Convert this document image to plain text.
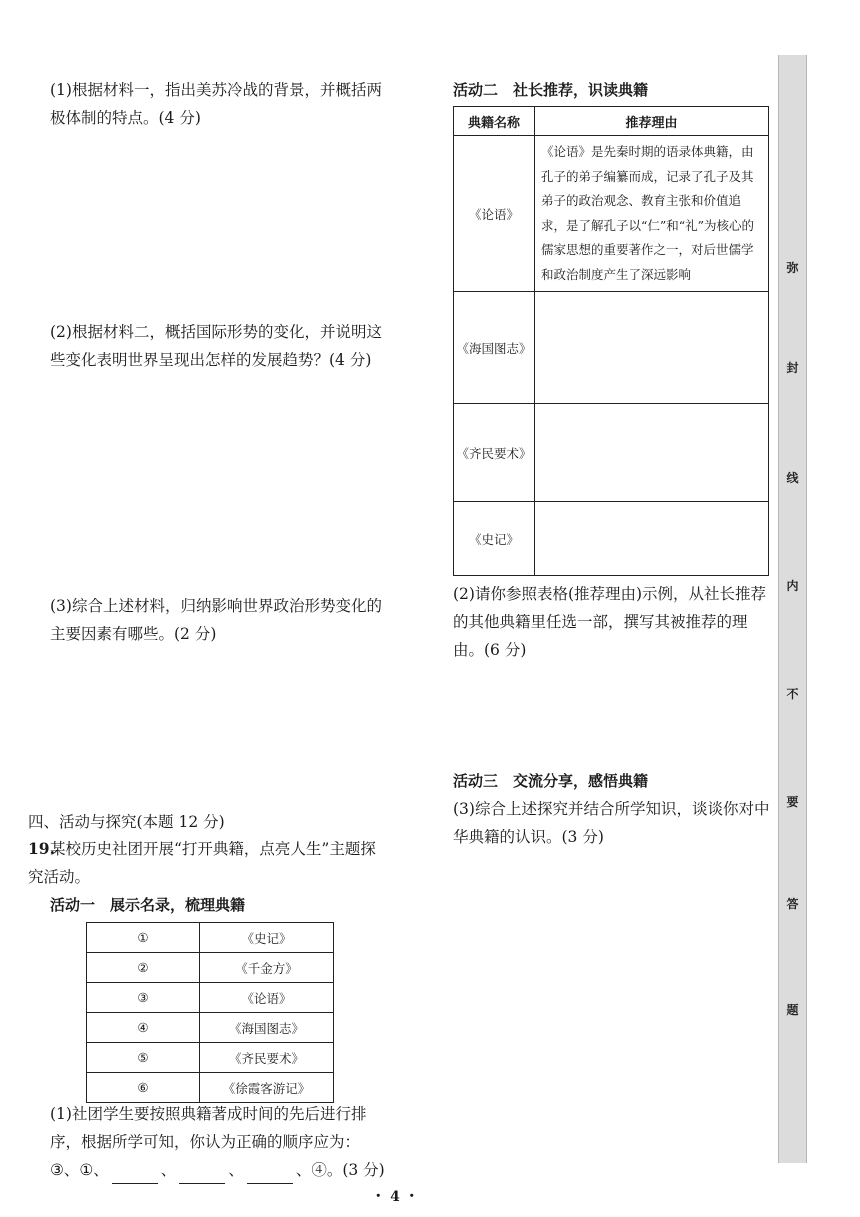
(1)根据材料一，指出美苏冷战的背景，并概括两极体制的特点。(4 分)
(2)根据材料二，概括国际形势的变化，并说明这些变化表明世界呈现出怎样的发展趋势？(4 分)
(3)综合上述材料，归纳影响世界政治形势变化的主要因素有哪些。(2 分)
四、活动与探究(本题 12 分)
19.某校历史社团开展“打开典籍，点亮人生”主题探究活动。
活动一　展示名录，梳理典籍
①	《史记》
②	《千金方》
③	《论语》
④	《海国图志》
⑤	《齐民要术》
⑥	《徐霞客游记》
(1)社团学生要按照典籍著成时间的先后进行排序，根据所学可知，你认为正确的顺序应为：
③、①、	、	、	、④。(3 分)
活动二　社长推荐，识读典籍
典籍名称	推荐理由
《论语》	《论语》是先秦时期的语录体典籍，由孔子的弟子编纂而成，记录了孔子及其弟子的政治观念、教育主张和价值追求，是了解孔子以“仁”和“礼”为核心的儒家思想的重要著作之一，对后世儒学和政治制度产生了深远影响
《海国图志》	
《齐民要术》	
《史记》	
(2)请你参照表格(推荐理由)示例，从社长推荐的其他典籍里任选一部，撰写其被推荐的理由。(6 分)
活动三　交流分享，感悟典籍
(3)综合上述探究并结合所学知识，谈谈你对中华典籍的认识。(3 分)
弥
封
线
内
不
要
答
题
・ 4 ・
